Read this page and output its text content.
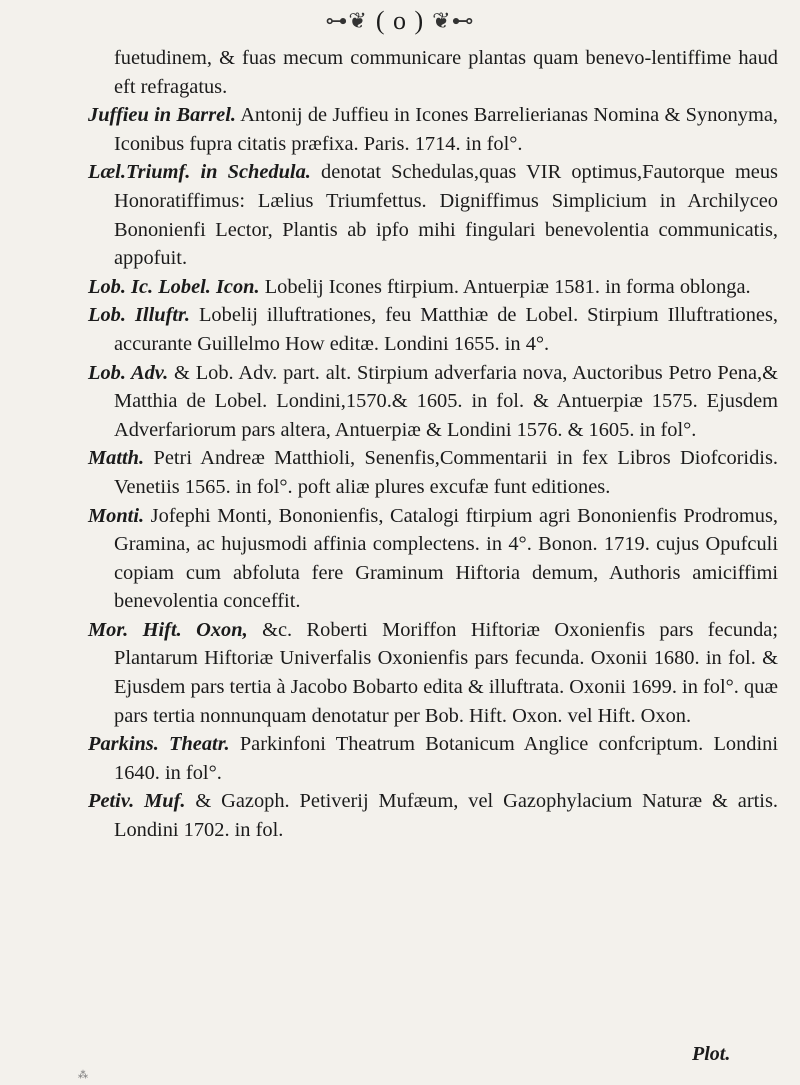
⊶❦ ( o ) ❦⊷

fuetudinem, & fuas mecum communicare plantas quam benevo-lentiffime haud eft refragatus.

Juffieu in Barrel. Antonij de Juffieu in Icones Barrelierianas Nomina & Synonyma, Iconibus fupra citatis præfixa. Paris. 1714. in fol°.

Læl.Triumf. in Schedula. denotat Schedulas,quas VIR optimus,Fautorque meus Honoratiffimus: Lælius Triumfettus. Digniffimus Simplicium in Archilyceo Bononienfi Lector, Plantis ab ipfo mihi fingulari benevolentia communicatis, appofuit.

Lob. Ic. Lobel. Icon. Lobelij Icones ftirpium. Antuerpiæ 1581. in forma oblonga.

Lob. Illuftr. Lobelij illuftrationes, feu Matthiæ de Lobel. Stirpium Illuftrationes, accurante Guillelmo How editæ. Londini 1655. in 4°.

Lob. Adv. & Lob. Adv. part. alt. Stirpium adverfaria nova, Auctoribus Petro Pena,& Matthia de Lobel. Londini,1570.& 1605. in fol. & Antuerpiæ 1575. Ejusdem Adverfariorum pars altera, Antuerpiæ & Londini 1576. & 1605. in fol°.

Matth. Petri Andreæ Matthioli, Senenfis,Commentarii in fex Libros Diofcoridis. Venetiis 1565. in fol°. poft aliæ plures excufæ funt editiones.

Monti. Jofephi Monti, Bononienfis, Catalogi ftirpium agri Bononienfis Prodromus, Gramina, ac hujusmodi affinia complectens. in 4°. Bonon. 1719. cujus Opufculi copiam cum abfoluta fere Graminum Hiftoria demum, Authoris amiciffimi benevolentia conceffit.

Mor. Hift. Oxon, &c. Roberti Moriffon Hiftoriæ Oxonienfis pars fecunda; Plantarum Hiftoriæ Univerfalis Oxonienfis pars fecunda. Oxonii 1680. in fol. & Ejusdem pars tertia à Jacobo Bobarto edita & illuftrata. Oxonii 1699. in fol°. quæ pars tertia nonnunquam denotatur per Bob. Hift. Oxon. vel Hift. Oxon.

Parkins. Theatr. Parkinfoni Theatrum Botanicum Anglice confcriptum. Londini 1640. in fol°.

Petiv. Muf. & Gazoph. Petiverij Mufæum, vel Gazophylacium Naturæ & artis. Londini 1702. in fol.

Plot.
⁂
